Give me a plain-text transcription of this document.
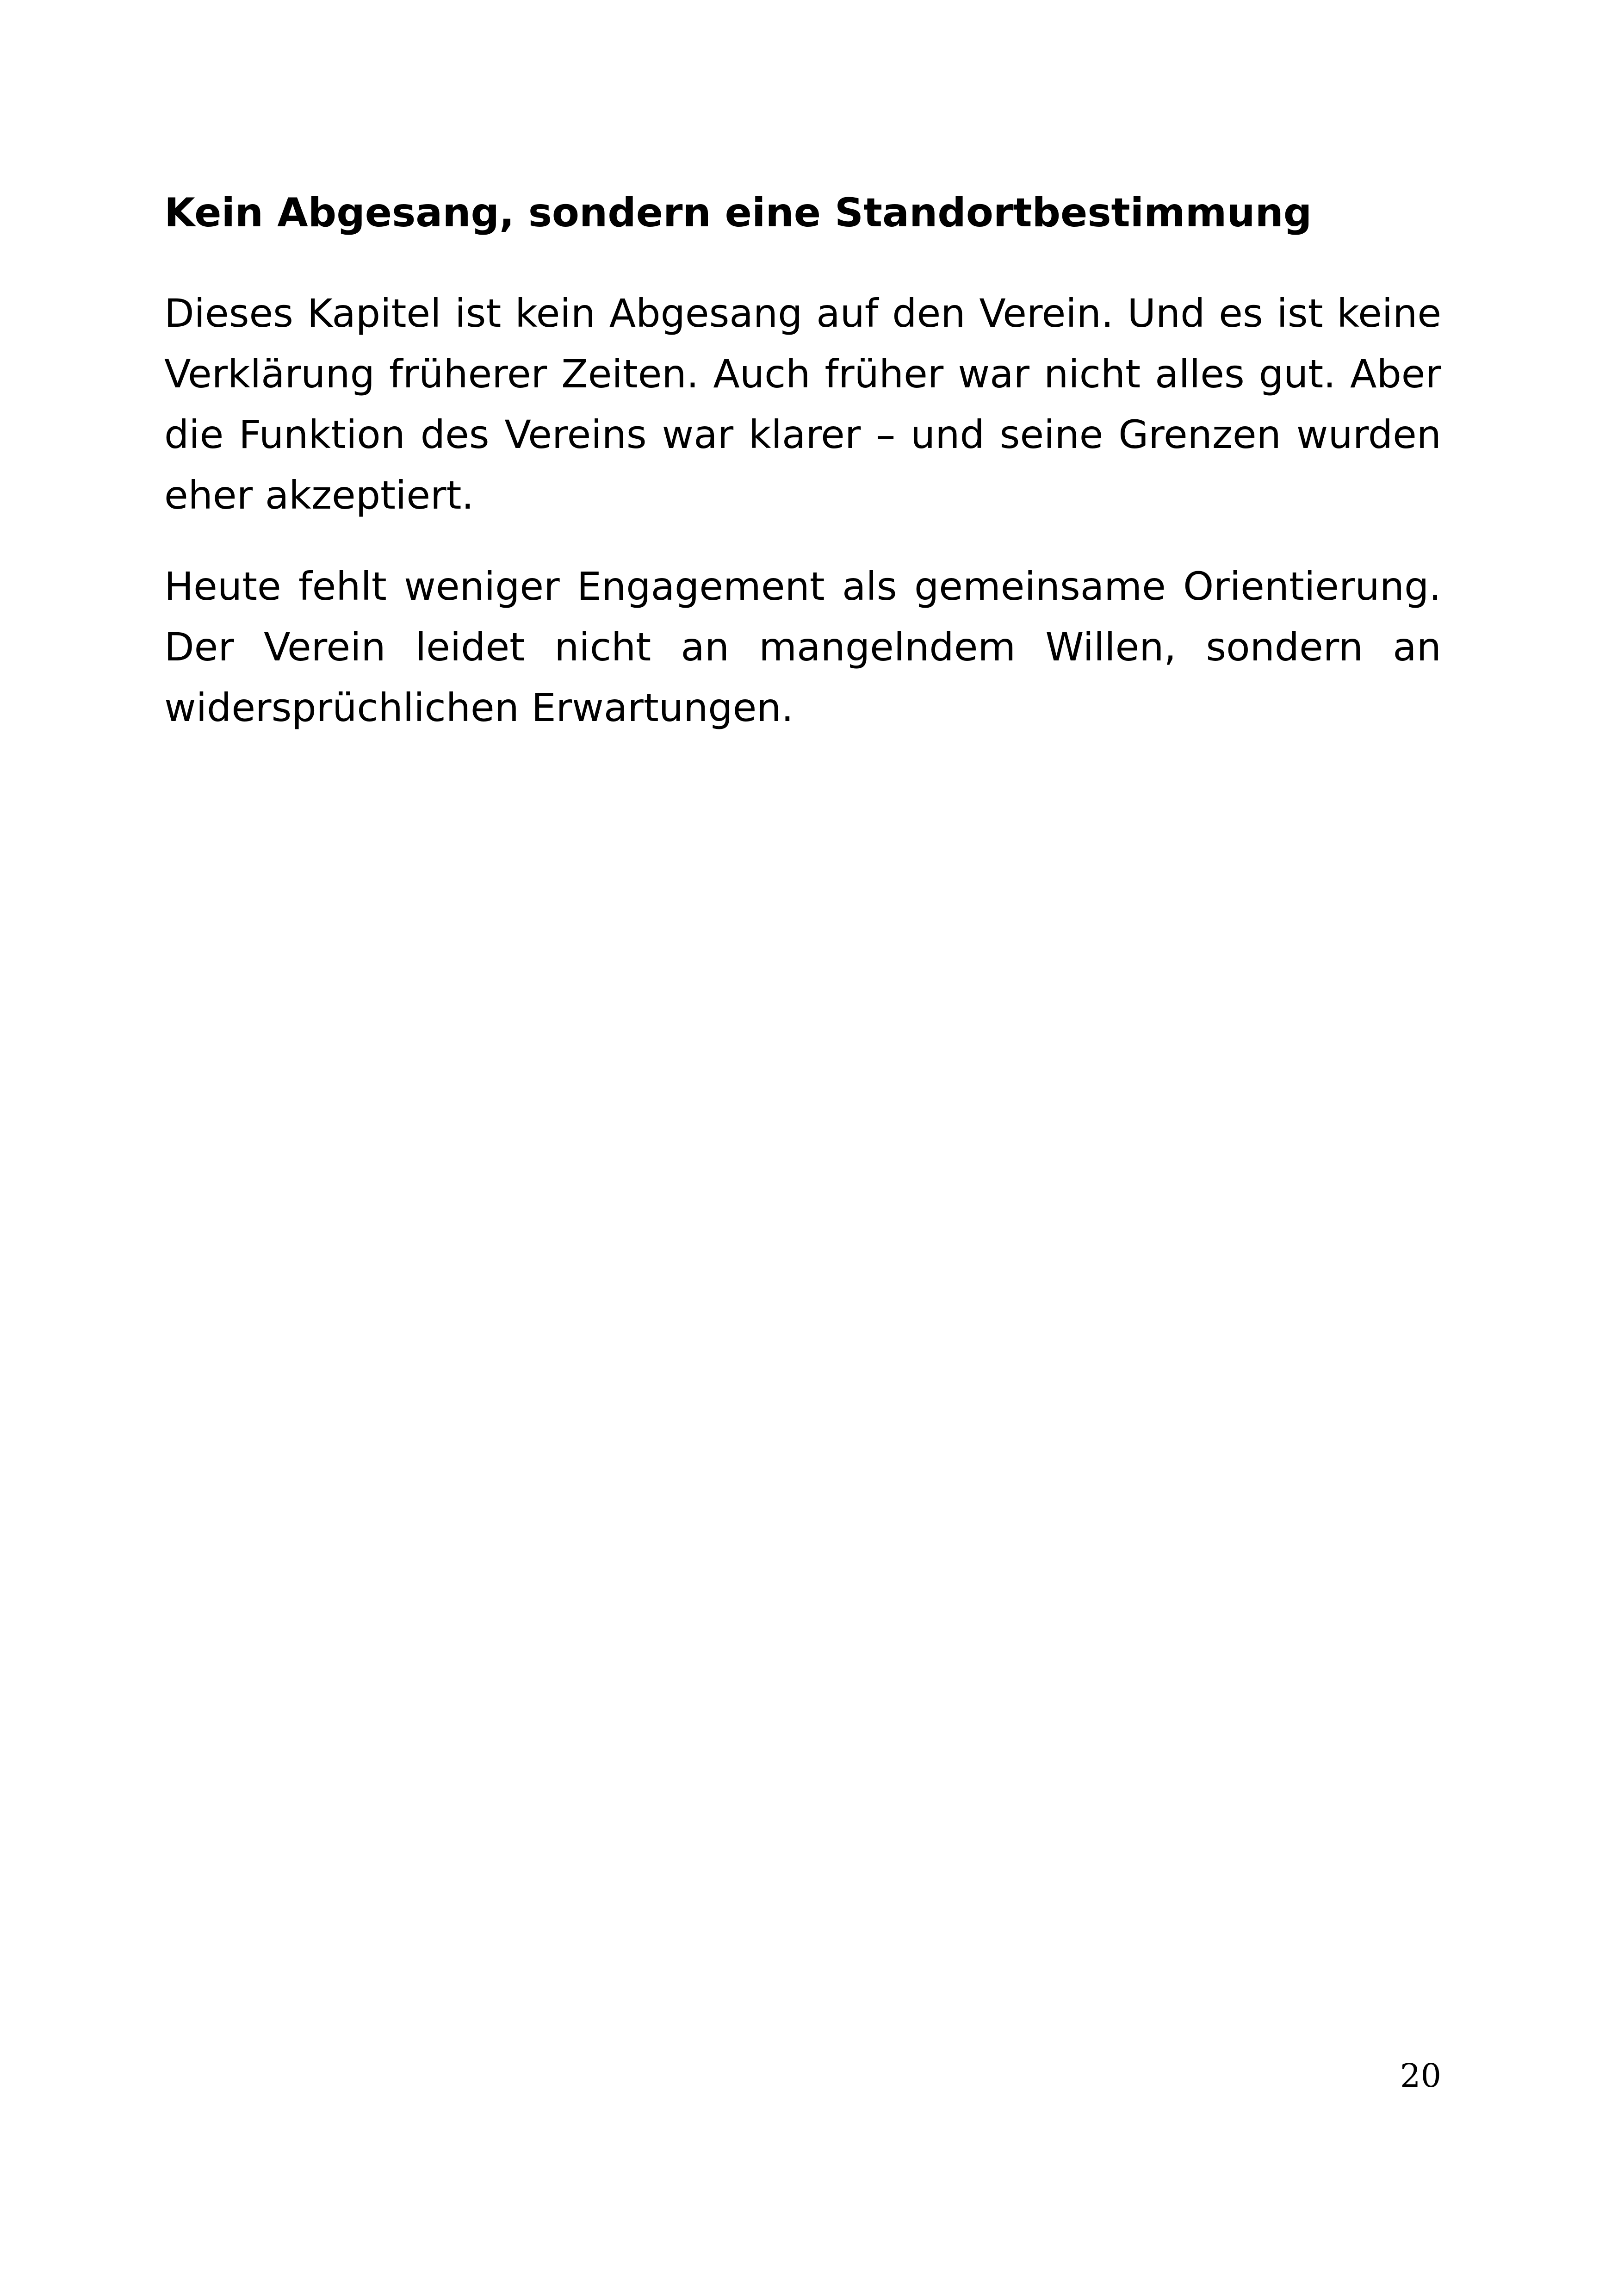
Kein Abgesang, sondern eine Standortbestimmung

Dieses Kapitel ist kein Abgesang auf den Verein. Und es ist keine Verklärung früherer Zeiten. Auch früher war nicht alles gut. Aber die Funktion des Vereins war klarer – und seine Grenzen wurden eher akzeptiert.

Heute fehlt weniger Engagement als gemeinsame Orientierung. Der Verein leidet nicht an mangelndem Willen, sondern an widersprüchlichen Erwartungen.

20
